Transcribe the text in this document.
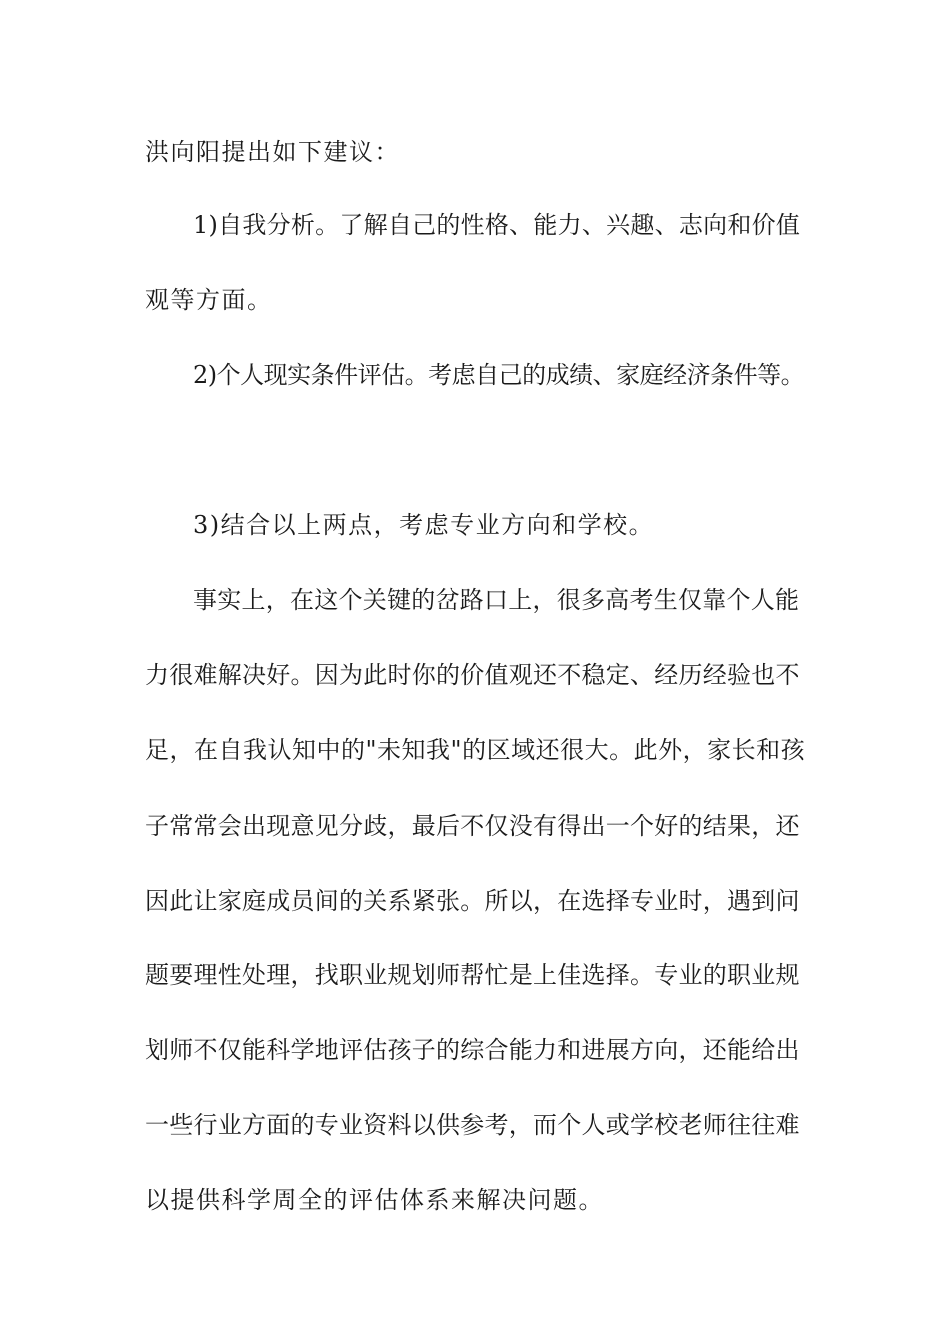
洪向阳提出如下建议：
1)自我分析。了解自己的性格、能力、兴趣、志向和价值
观等方面。
2)个人现实条件评估。考虑自己的成绩、家庭经济条件等。
3)结合以上两点，考虑专业方向和学校。
事实上，在这个关键的岔路口上，很多高考生仅靠个人能
力很难解决好。因为此时你的价值观还不稳定、经历经验也不
足，在自我认知中的"未知我"的区域还很大。此外，家长和孩
子常常会出现意见分歧，最后不仅没有得出一个好的结果，还
因此让家庭成员间的关系紧张。所以，在选择专业时，遇到问
题要理性处理，找职业规划师帮忙是上佳选择。专业的职业规
划师不仅能科学地评估孩子的综合能力和进展方向，还能给出
一些行业方面的专业资料以供参考，而个人或学校老师往往难
以提供科学周全的评估体系来解决问题。
